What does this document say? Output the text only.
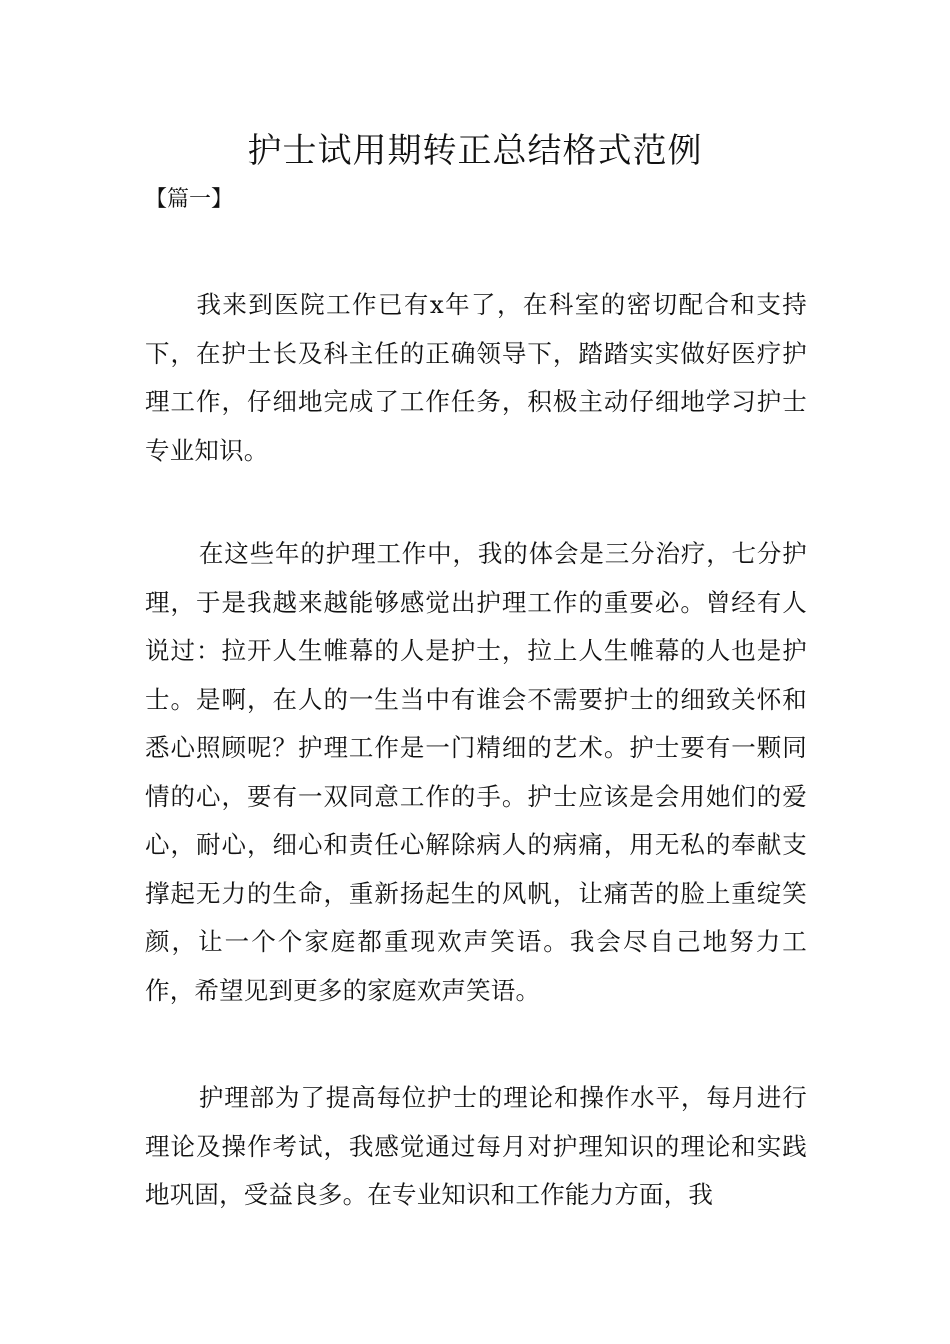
护士试用期转正总结格式范例
【篇一】

我来到医院工作已有x年了，在科室的密切配合和支持下，在护士长及科主任的正确领导下，踏踏实实做好医疗护理工作，仔细地完成了工作任务，积极主动仔细地学习护士专业知识。

在这些年的护理工作中，我的体会是三分治疗，七分护理，于是我越来越能够感觉出护理工作的重要必。曾经有人说过：拉开人生帷幕的人是护士，拉上人生帷幕的人也是护士。是啊，在人的一生当中有谁会不需要护士的细致关怀和悉心照顾呢？护理工作是一门精细的艺术。护士要有一颗同情的心，要有一双同意工作的手。护士应该是会用她们的爱心，耐心，细心和责任心解除病人的病痛，用无私的奉献支撑起无力的生命，重新扬起生的风帆，让痛苦的脸上重绽笑颜，让一个个家庭都重现欢声笑语。我会尽自己地努力工作，希望见到更多的家庭欢声笑语。

护理部为了提高每位护士的理论和操作水平，每月进行理论及操作考试，我感觉通过每月对护理知识的理论和实践地巩固，受益良多。在专业知识和工作能力方面，我
